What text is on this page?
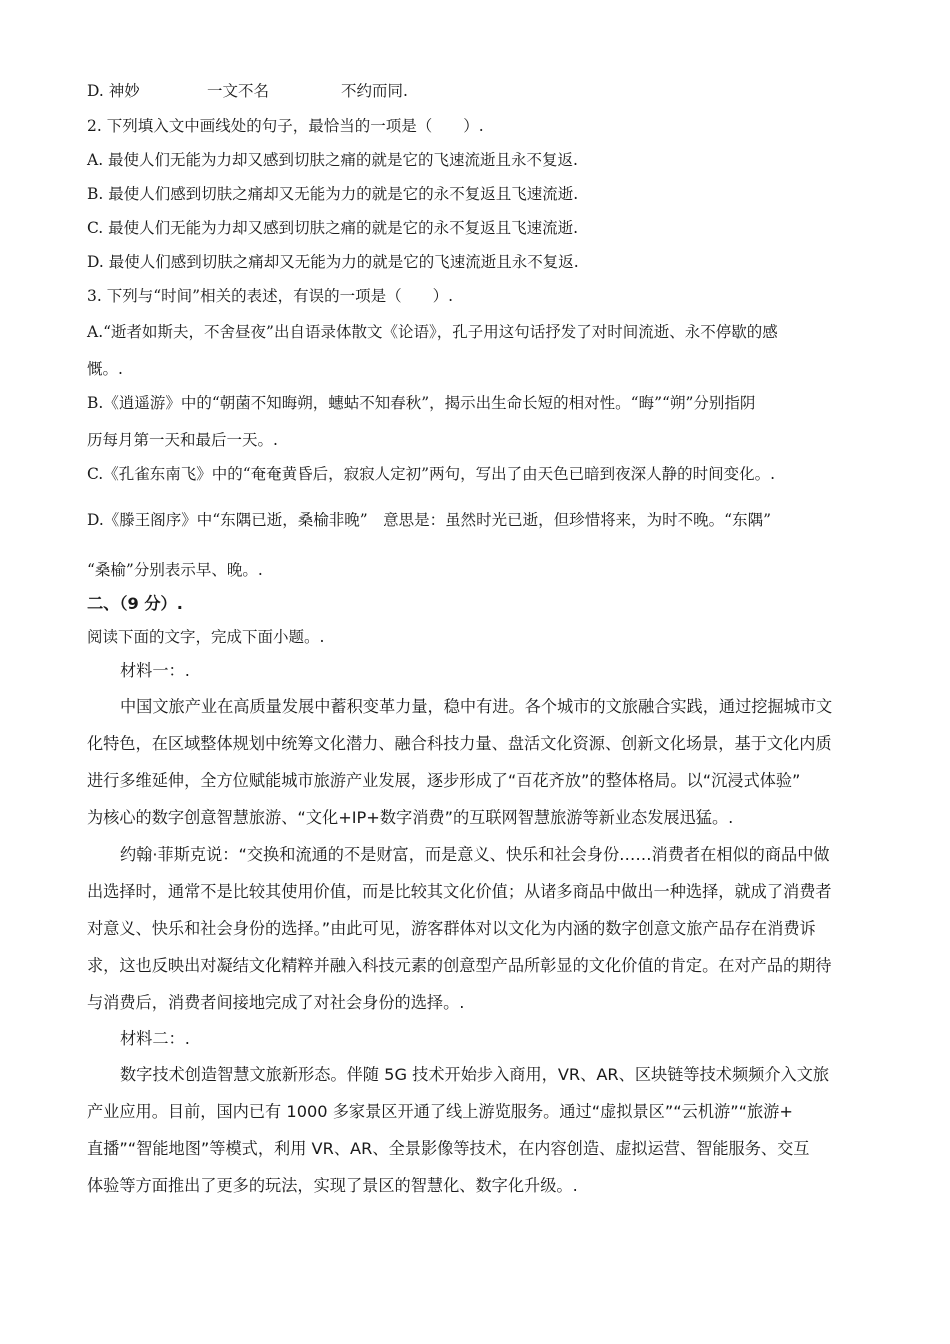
D. 神妙	一文不名	不约而同.
2. 下列填入文中画线处的句子，最恰当的一项是（　　）.
A. 最使人们无能为力却又感到切肤之痛的就是它的飞速流逝且永不复返.
B. 最使人们感到切肤之痛却又无能为力的就是它的永不复返且飞速流逝.
C. 最使人们无能为力却又感到切肤之痛的就是它的永不复返且飞速流逝.
D. 最使人们感到切肤之痛却又无能为力的就是它的飞速流逝且永不复返.
3. 下列与“时间”相关的表述，有误的一项是（　　）.
A.“逝者如斯夫，不舍昼夜”出自语录体散文《论语》，孔子用这句话抒发了对时间流逝、永不停歇的感
慨。.
B.《逍遥游》中的“朝菌不知晦朔，蟪蛄不知春秋”，揭示出生命长短的相对性。“晦”“朔”分别指阴
历每月第一天和最后一天。.
C.《孔雀东南飞》中的“奄奄黄昏后，寂寂人定初”两句，写出了由天色已暗到夜深人静的时间变化。.
D.《滕王阁序》中“东隅已逝，桑榆非晚”　意思是：虽然时光已逝，但珍惜将来，为时不晚。“东隅”
“桑榆”分别表示早、晚。.
二、（9 分）.
阅读下面的文字，完成下面小题。.
材料一：.
中国文旅产业在高质量发展中蓄积变革力量，稳中有进。各个城市的文旅融合实践，通过挖掘城市文
化特色，在区域整体规划中统筹文化潜力、融合科技力量、盘活文化资源、创新文化场景，基于文化内质
进行多维延伸，全方位赋能城市旅游产业发展，逐步形成了“百花齐放”的整体格局。以“沉浸式体验”
为核心的数字创意智慧旅游、“文化+IP+数字消费”的互联网智慧旅游等新业态发展迅猛。.
约翰·菲斯克说：“交换和流通的不是财富，而是意义、快乐和社会身份……消费者在相似的商品中做
出选择时，通常不是比较其使用价值，而是比较其文化价值；从诸多商品中做出一种选择，就成了消费者
对意义、快乐和社会身份的选择。”由此可见，游客群体对以文化为内涵的数字创意文旅产品存在消费诉
求，这也反映出对凝结文化精粹并融入科技元素的创意型产品所彰显的文化价值的肯定。在对产品的期待
与消费后，消费者间接地完成了对社会身份的选择。.
材料二：.
数字技术创造智慧文旅新形态。伴随 5G 技术开始步入商用，VR、AR、区块链等技术频频介入文旅
产业应用。目前，国内已有 1000 多家景区开通了线上游览服务。通过“虚拟景区”“云机游”“旅游+
直播”“智能地图”等模式，利用 VR、AR、全景影像等技术，在内容创造、虚拟运营、智能服务、交互
体验等方面推出了更多的玩法，实现了景区的智慧化、数字化升级。.
